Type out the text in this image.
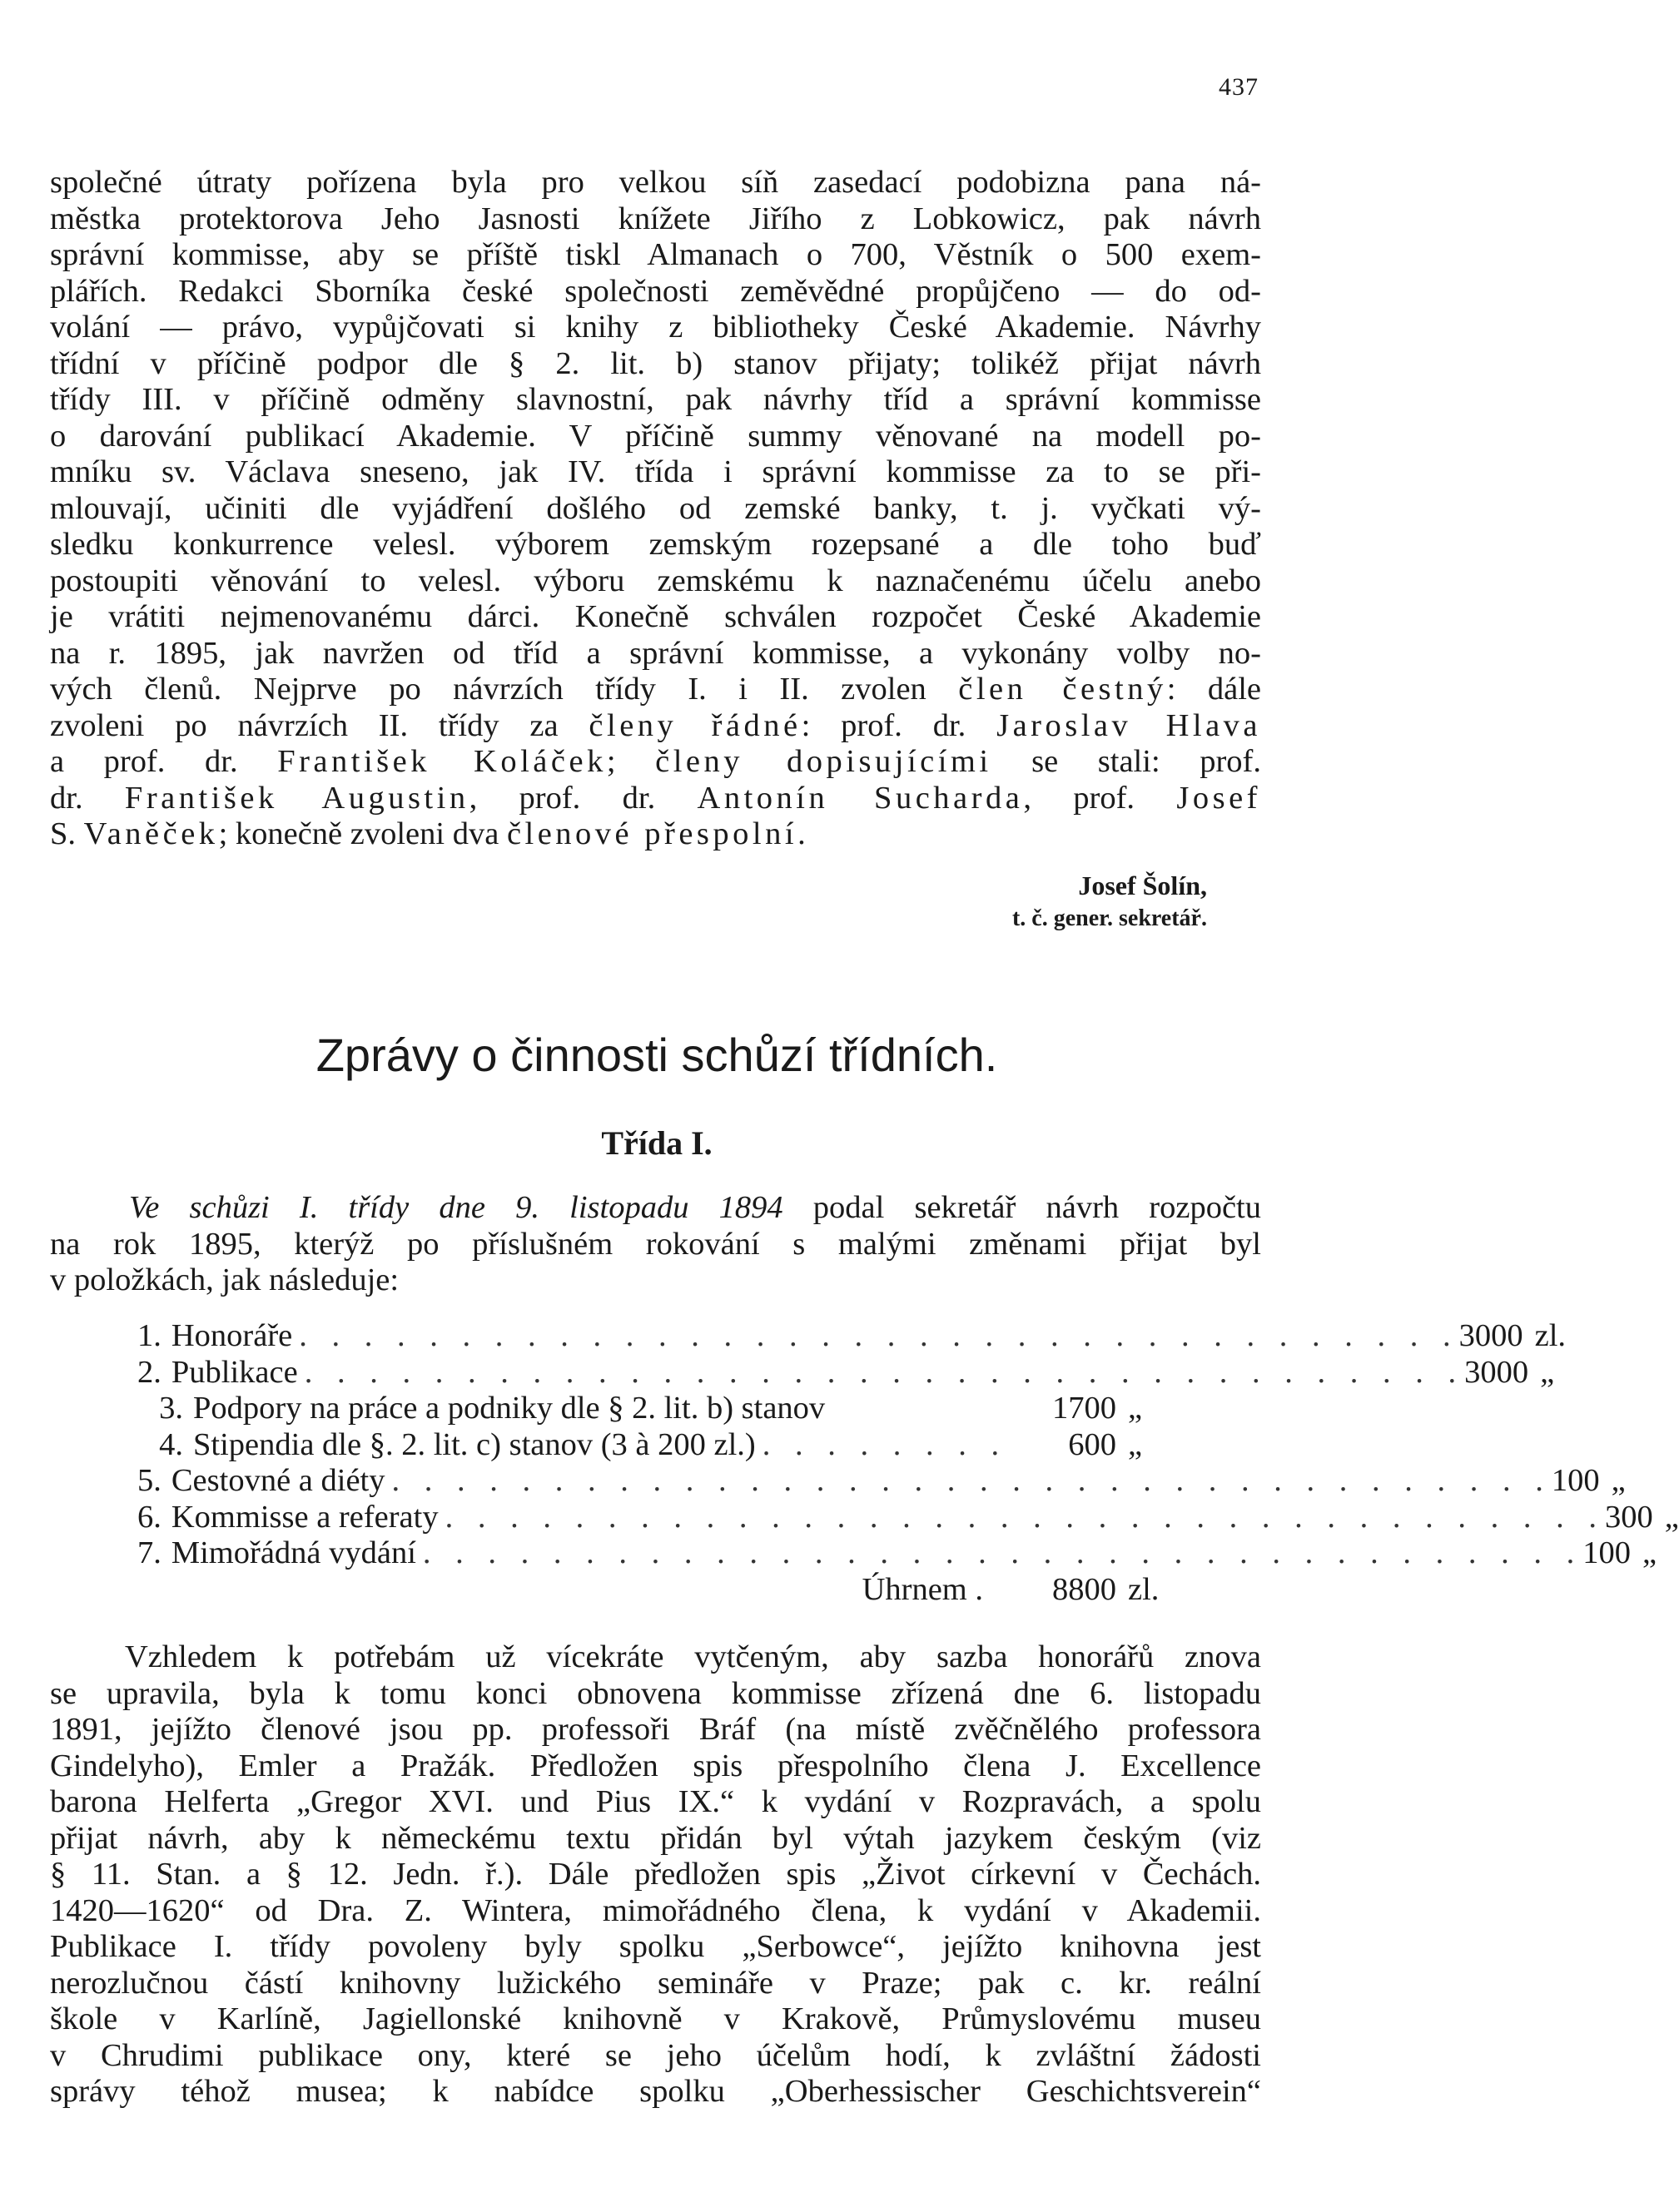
437
společné útraty pořízena byla pro velkou síň zasedací podobizna pana ná-
městka protektorova Jeho Jasnosti knížete Jiřího z Lobkowicz, pak návrh
správní kommisse, aby se příště tiskl Almanach o 700, Věstník o 500 exem-
plářích. Redakci Sborníka české společnosti zeměvědné propůjčeno — do od-
volání — právo, vypůjčovati si knihy z bibliotheky České Akademie. Návrhy
třídní v příčině podpor dle § 2. lit. b) stanov přijaty; tolikéž přijat návrh
třídy III. v příčině odměny slavnostní, pak návrhy tříd a správní kommisse
o darování publikací Akademie. V příčině summy věnované na modell po-
mníku sv. Václava sneseno, jak IV. třída i správní kommisse za to se při-
mlouvají, učiniti dle vyjádření došlého od zemské banky, t. j. vyčkati vý-
sledku konkurrence velesl. výborem zemským rozepsané a dle toho buď
postoupiti věnování to velesl. výboru zemskému k naznačenému účelu anebo
je vrátiti nejmenovanému dárci. Konečně schválen rozpočet České Akademie
na r. 1895, jak navržen od tříd a správní kommisse, a vykonány volby no-
vých členů. Nejprve po návrzích třídy I. i II. zvolen člen čestný: dále
zvoleni po návrzích II. třídy za členy řádné: prof. dr. Jaroslav Hlava
a prof. dr. František Koláček; členy dopisujícími se stali: prof.
dr. František Augustin, prof. dr. Antonín Sucharda, prof. Josef
S. Vaněček; konečně zvoleni dva členové přespolní.
Josef Šolín,
t. č. gener. sekretář.
Zprávy o činnosti schůzí třídních.
Třída I.
Ve schůzi I. třídy dne 9. listopadu 1894 podal sekretář návrh rozpočtu
na rok 1895, kterýž po příslušném rokování s malými změnami přijat byl
v položkách, jak následuje:
1. Honoráře . . . . . . . . . . . . . . . . . . . . . . . . . . . . . . . . . . . . 3000 zl.
2. Publikace . . . . . . . . . . . . . . . . . . . . . . . . . . . . . . . . . . . . 3000 „
3. Podpory na práce a podniky dle § 2. lit. b) stanov	1700 „
4. Stipendia dle §. 2. lit. c) stanov (3 à 200 zl.) . . . . . . . .	600 „
5. Cestovné a diéty . . . . . . . . . . . . . . . . . . . . . . . . . . . . . . . . . . . . 100 „
6. Kommisse a referaty . . . . . . . . . . . . . . . . . . . . . . . . . . . . . . . . . . . . 300 „
7. Mimořádná vydání . . . . . . . . . . . . . . . . . . . . . . . . . . . . . . . . . . . . 100 „
Úhrnem .	8800 zl.
Vzhledem k potřebám už vícekráte vytčeným, aby sazba honorářů znova
se upravila, byla k tomu konci obnovena kommisse zřízená dne 6. listopadu
1891, jejížto členové jsou pp. professoři Bráf (na místě zvěčnělého professora
Gindelyho), Emler a Pražák. Předložen spis přespolního člena J. Excellence
barona Helferta „Gregor XVI. und Pius IX.“ k vydání v Rozpravách, a spolu
přijat návrh, aby k německému textu přidán byl výtah jazykem českým (viz
§ 11. Stan. a § 12. Jedn. ř.). Dále předložen spis „Život církevní v Čechách.
1420—1620“ od Dra. Z. Wintera, mimořádného člena, k vydání v Akademii.
Publikace I. třídy povoleny byly spolku „Serbowce“, jejížto knihovna jest
nerozlučnou částí knihovny lužického semináře v Praze; pak c. kr. reální
škole v Karlíně, Jagiellonské knihovně v Krakově, Průmyslovému museu
v Chrudimi publikace ony, které se jeho účelům hodí, k zvláštní žádosti
správy téhož musea; k nabídce spolku „Oberhessischer Geschichtsverein“
